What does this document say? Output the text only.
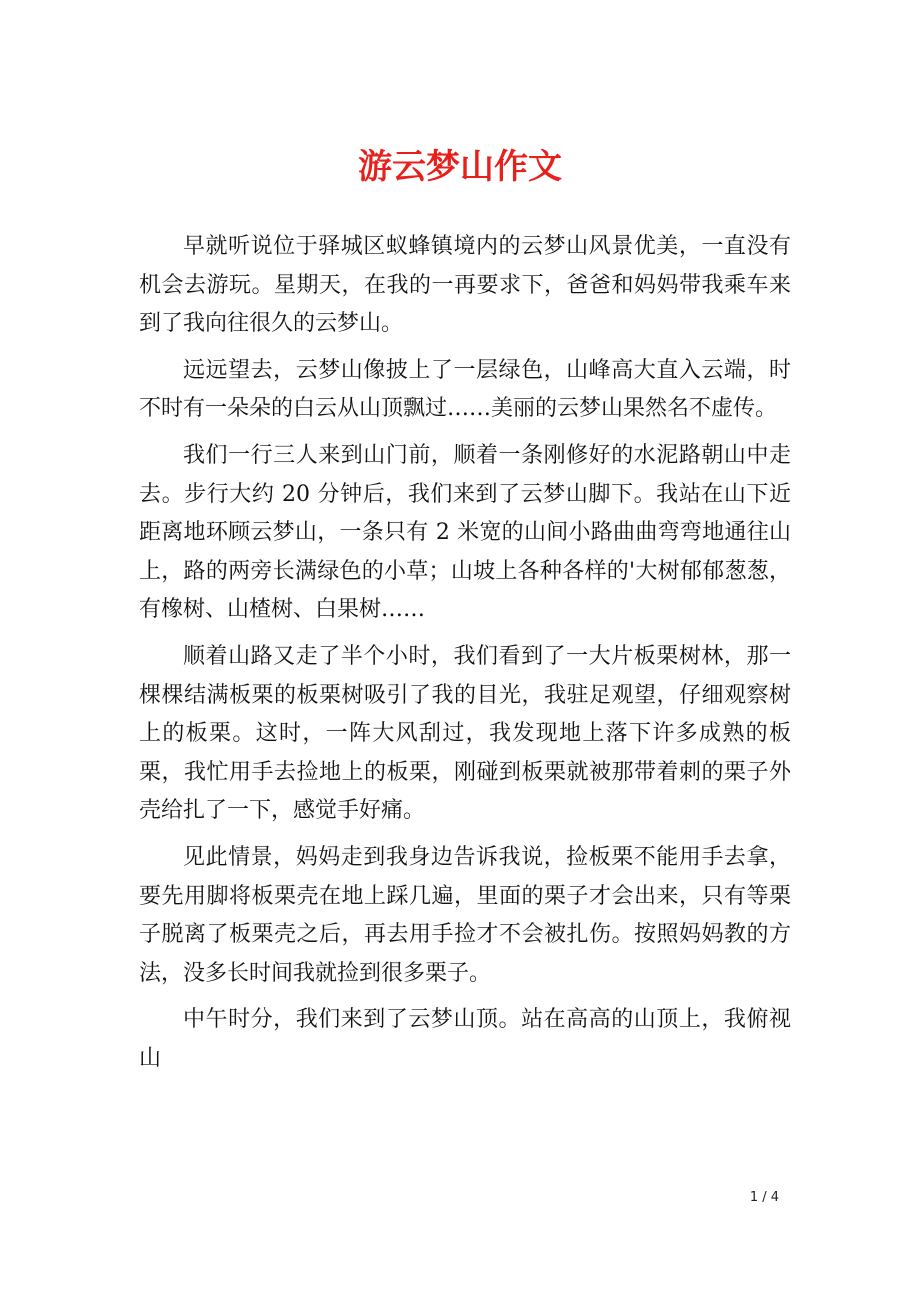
游云梦山作文

早就听说位于驿城区蚁蜂镇境内的云梦山风景优美，一直没有机会去游玩。星期天，在我的一再要求下，爸爸和妈妈带我乘车来到了我向往很久的云梦山。

远远望去，云梦山像披上了一层绿色，山峰高大直入云端，时不时有一朵朵的白云从山顶飘过……美丽的云梦山果然名不虚传。

我们一行三人来到山门前，顺着一条刚修好的水泥路朝山中走去。步行大约 20 分钟后，我们来到了云梦山脚下。我站在山下近距离地环顾云梦山，一条只有 2 米宽的山间小路曲曲弯弯地通往山上，路的两旁长满绿色的小草；山坡上各种各样的'大树郁郁葱葱，有橡树、山楂树、白果树……

顺着山路又走了半个小时，我们看到了一大片板栗树林，那一棵棵结满板栗的板栗树吸引了我的目光，我驻足观望，仔细观察树上的板栗。这时，一阵大风刮过，我发现地上落下许多成熟的板栗，我忙用手去捡地上的板栗，刚碰到板栗就被那带着刺的栗子外壳给扎了一下，感觉手好痛。

见此情景，妈妈走到我身边告诉我说，捡板栗不能用手去拿，要先用脚将板栗壳在地上踩几遍，里面的栗子才会出来，只有等栗子脱离了板栗壳之后，再去用手捡才不会被扎伤。按照妈妈教的方法，没多长时间我就捡到很多栗子。

中午时分，我们来到了云梦山顶。站在高高的山顶上，我俯视山

1 / 4
